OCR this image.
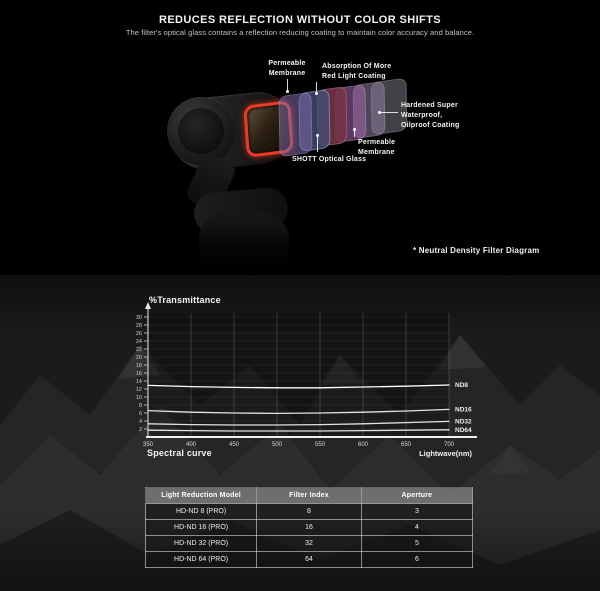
REDUCES REFLECTION WITHOUT COLOR SHIFTS
The filter's optical glass contains a reflection reducing coating to maintain color accuracy and balance.
Permeable
Membrane
Absorption Of More
Red Light Coating
SHOTT Optical Glass
Permeable
Membrane
Hardened Super
Waterproof,
Oilproof Coating
* Neutral Density Filter Diagram
%Transmittance
2
4
6
8
10
12
14
16
18
20
22
24
26
28
30
350	400	450	500	550	600	650	700
ND8
ND16
ND32
ND64
Spectral curve	Lightwave(nm)
Light Reduction Model	Filter Index	Aperture
HD-ND 8 (PRO)	8	3
HD-ND 16 (PRO)	16	4
HD-ND 32 (PRO)	32	5
HD-ND 64 (PRO)	64	6
